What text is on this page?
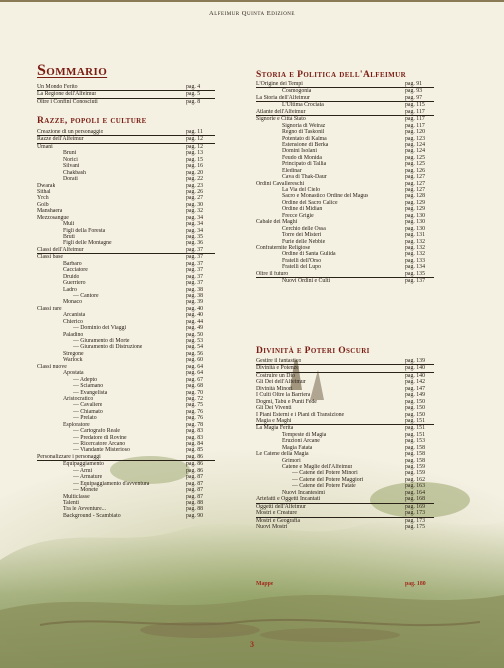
Alfeimur Quinta Edizione
Sommario
Un Mondo Ferito	pag. 4
La Regione dell'Alfeimur	pag. 5
Oltre i Confini Conosciuti	pag. 8
Razze, popoli e culture
Creazione di un personaggio	pag. 11
Razze dell'Alfeimur	pag. 12
Umani	pag. 12
Bruni	pag. 13
Norici	pag. 15
Silvani	pag. 16
Chakbash	pag. 20
Dorati	pag. 22
Dwarak	pag. 23
Sithal	pag. 26
Yrch	pag. 27
Golb	pag. 30
Manshaera	pag. 32
Mezzosangue	pag. 34
Muli	pag. 34
Figli della Foresta	pag. 34
Bruti	pag. 35
Figli delle Montagne	pag. 36
Classi dell'Alfeimur	pag. 37
Classi base	pag. 37
Barbaro	pag. 37
Cacciatore	pag. 37
Druido	pag. 37
Guerriero	pag. 37
Ladro	pag. 38
— Cantore	pag. 38
Monaco	pag. 39
Classi rare	pag. 40
Arcanista	pag. 40
Chierico	pag. 44
— Dominio dei Viaggi	pag. 49
Paladino	pag. 50
— Giuramento di Morte	pag. 53
— Giuramento di Distruzione	pag. 54
Stregone	pag. 56
Warlock	pag. 60
Classi nuove	pag. 64
Apostata	pag. 64
— Adepto	pag. 67
— Sciamano	pag. 68
— Evangelista	pag. 70
Aristocratico	pag. 72
— Cavaliere	pag. 75
— Chiamato	pag. 76
— Prelato	pag. 76
Esploratore	pag. 78
— Cartografo Reale	pag. 83
— Predatore di Rovine	pag. 83
— Ricercatore Arcano	pag. 84
— Viandante Misterioso	pag. 85
Personalizzare i personaggi	pag. 86
Equipaggiamento	pag. 86
— Armi	pag. 86
— Armature	pag. 87
— Equipaggiamento d'avventura	pag. 87
— Monete	pag. 87
Multiclasse	pag. 87
Talenti	pag. 88
Tra le Avventure...	pag. 88
Background - Scambiato	pag. 90
Storia e Politica dell'Alfeimur
L'Origine dei Tempi	pag. 91
Cosmogonia	pag. 93
La Storia dell'Alfeimur	pag. 97
L'Ultima Crociata	pag. 115
Atlante dell'Alfeimur	pag. 117
Signorie e Città Stato	pag. 117
Signoria di Weiraz	pag. 117
Regno di Taskonil	pag. 120
Potentato di Kalma	pag. 123
Estensione di Berka	pag. 124
Domini Isolani	pag. 124
Feudo di Monida	pag. 125
Principato di Tallia	pag. 125
Eledinar	pag. 126
Cava di Thak-Daur	pag. 127
Ordini Cavallereschi	pag. 127
La Via del Cielo	pag. 127
Sacro e Monastico Ordine del Magus	pag. 128
Ordine del Sacro Calice	pag. 129
Ordine di Midian	pag. 129
Frecce Grigie	pag. 130
Cabale dei Maghi	pag. 130
Cerchio delle Ossa	pag. 130
Torre dei Misteri	pag. 131
Furie delle Nebbie	pag. 132
Confraternite Religiose	pag. 132
Ordine di Santa Gulida	pag. 132
Fratelli dell'Orso	pag. 133
Fratelli del Lupo	pag. 134
Oltre il futuro	pag. 135
Nuovi Ordini e Culti	pag. 137
Divinità e Poteri Oscuri
Gestire il fantastico	pag. 139
Divinità e Potenze	pag. 140
Costruire un Dio	pag. 140
Gli Dei dell'Alfeimur	pag. 142
Divinità Minori	pag. 147
I Culti Oltre la Barriera	pag. 149
Dogmi, Tabù e Punti Fede	pag. 150
Gli Dei Viventi	pag. 150
I Piani Esterni e i Piani di Transizione	pag. 150
Magia e Maghi	pag. 151
La Magia Ferita	pag. 151
Tempeste di Magia	pag. 151
Eruzioni Arcane	pag. 153
Magia Fatata	pag. 158
Le Catene della Magia	pag. 158
Grimori	pag. 158
Catene e Maglie dell'Alfeimur	pag. 159
— Catene del Potere Minori	pag. 159
— Catene del Potere Maggiori	pag. 162
— Catene del Potere Fatate	pag. 163
Nuovi Incantesimi	pag. 164
Artefatti e Oggetti Incantati	pag. 168
Oggetti dell'Alfeimur	pag. 169
Mostri e Creature	pag. 173
Mostri e Geografia	pag. 173
Nuovi Mostri	pag. 175
Mappe	pag. 180
3
